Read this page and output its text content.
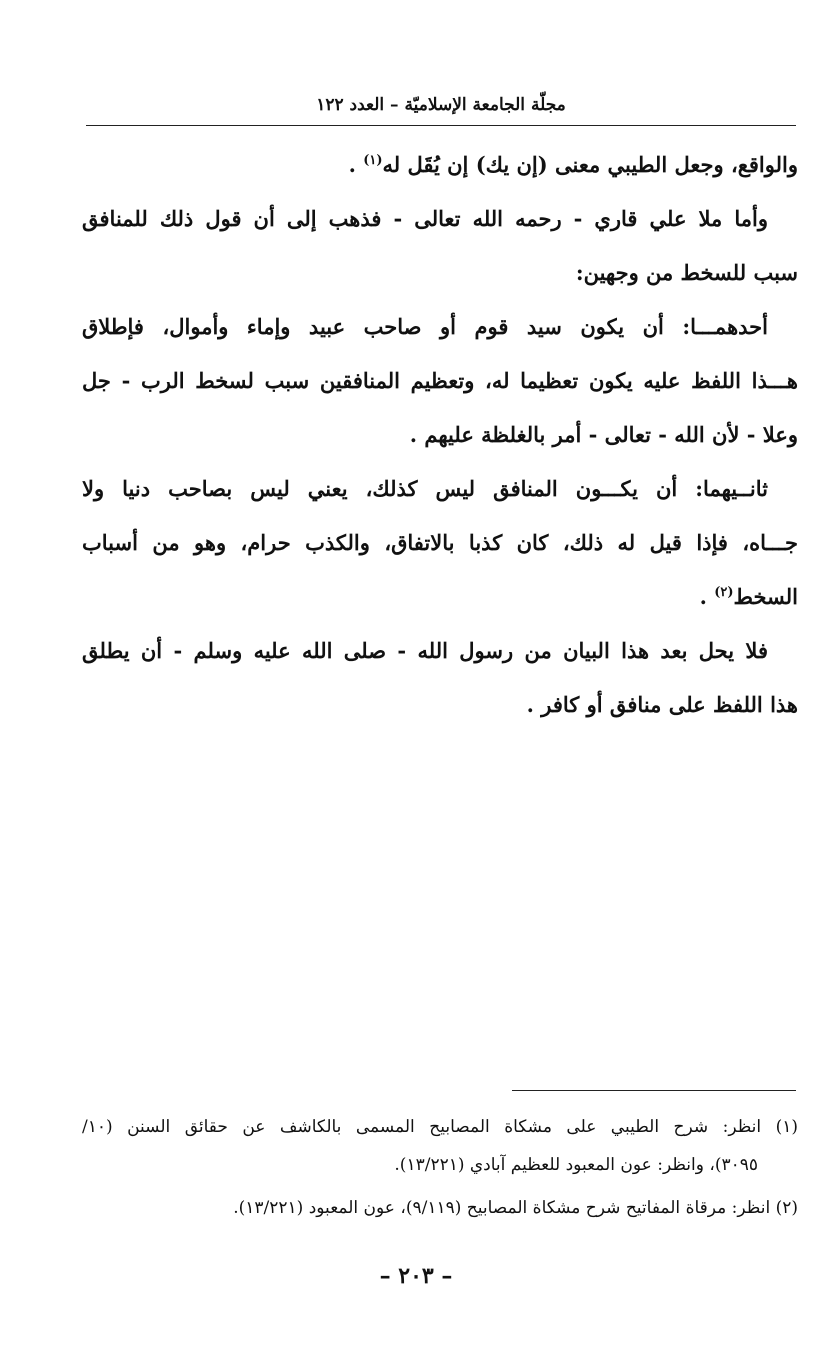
مجلّة الجامعة الإسلاميّة – العدد ١٢٢
والواقع، وجعل الطيبي معنى (إن يك) إن يُقَل له$^{(١)}$ .
وأما ملا علي قاري - رحمه الله تعالى - فذهب إلى أن قول ذلك للمنافق
سبب للسخط من وجهين:
أحدهمـــا: أن يكون سيد قوم أو صاحب عبيد وإماء وأموال، فإطلاق
هـــذا اللفظ عليه يكون تعظيما له، وتعظيم المنافقين سبب لسخط الرب - جل
وعلا - لأن الله - تعالى - أمر بالغلظة عليهم .
ثانــيهما: أن يكـــون المنافق ليس كذلك، يعني ليس بصاحب دنيا ولا
جـــاه، فإذا قيل له ذلك، كان كذبا بالاتفاق، والكذب حرام، وهو من أسباب
السخط$^{(٢)}$ .
فلا يحل بعد هذا البيان من رسول الله - صلى الله عليه وسلم - أن يطلق
هذا اللفظ على منافق أو كافر .
(١) انظر: شرح الطيبي على مشكاة المصابيح المسمى بالكاشف عن حقائق السنن (١٠/
٣٠٩٥)، وانظر: عون المعبود للعظيم آبادي (١٣/٢٢١).
(٢) انظر: مرقاة المفاتيح شرح مشكاة المصابيح (٩/١١٩)، عون المعبود (١٣/٢٢١).
– ٢٠٣ –
